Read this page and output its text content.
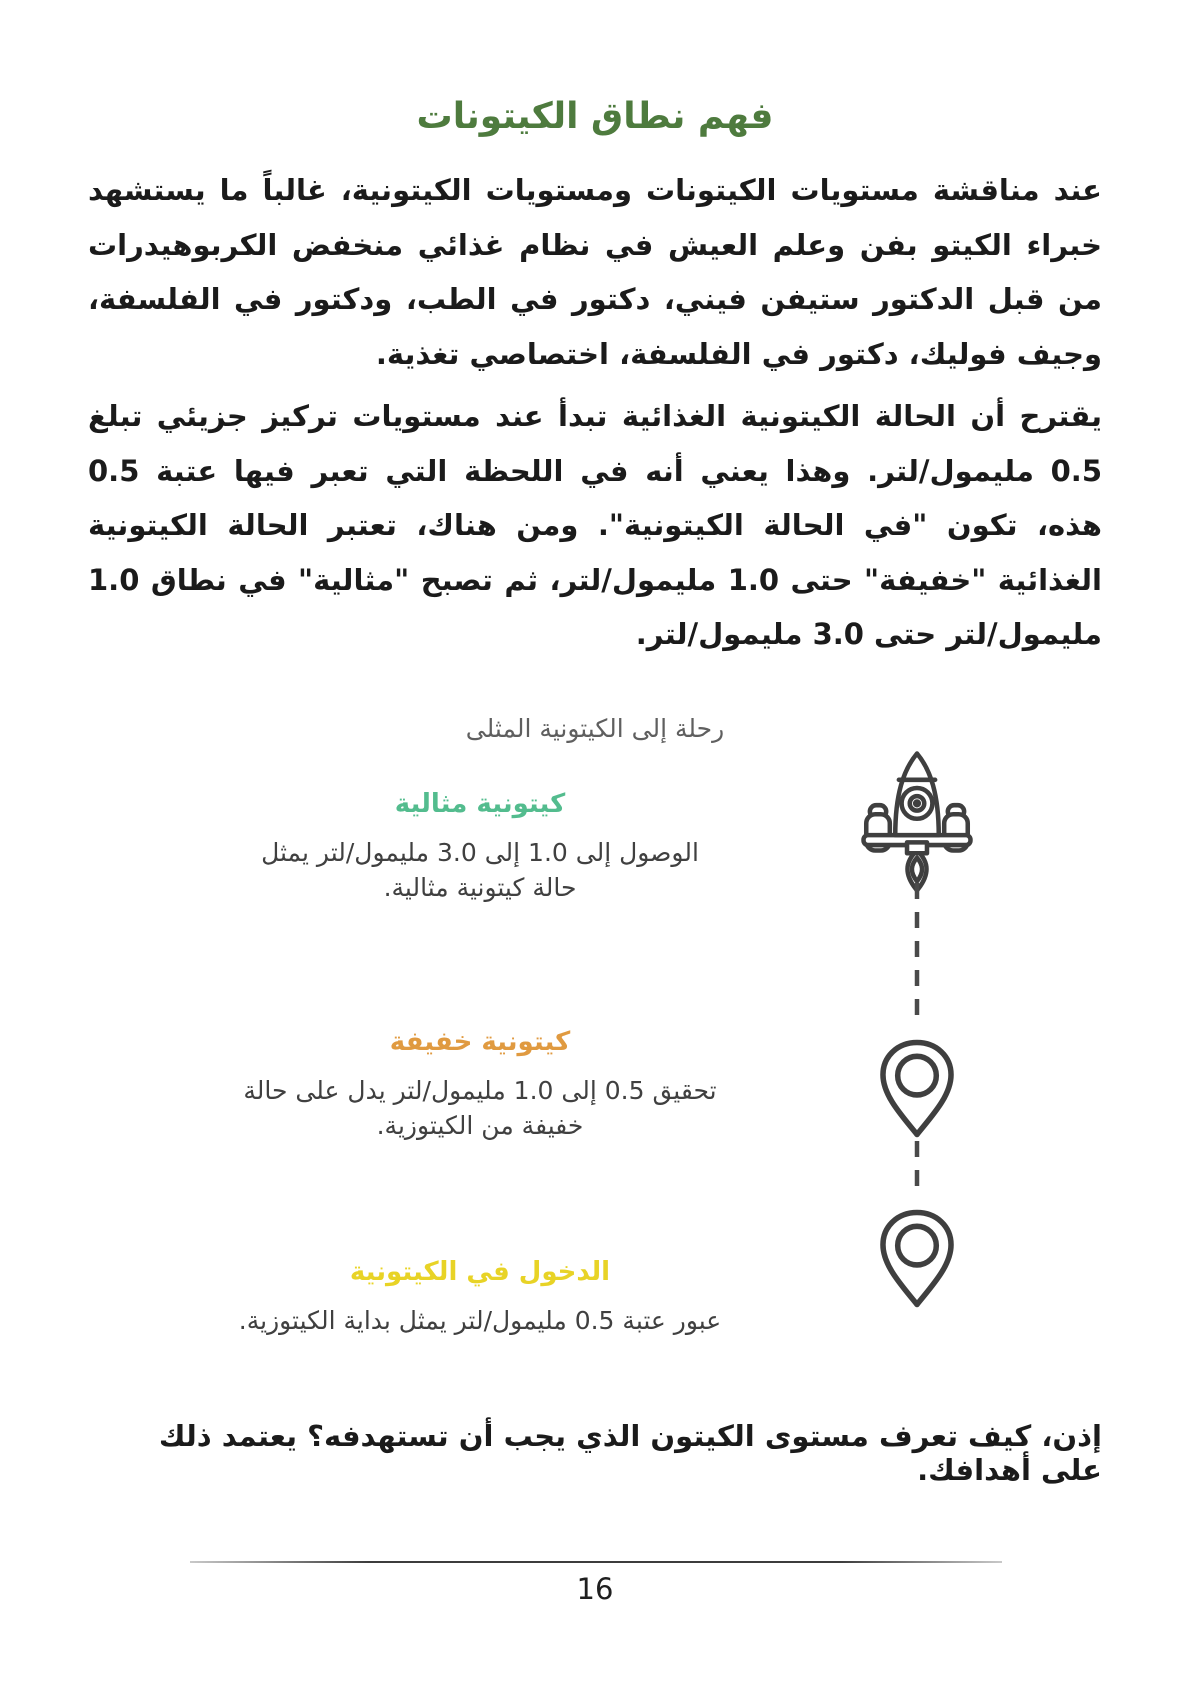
فهم نطاق الكيتونات

عند مناقشة مستويات الكيتونات ومستويات الكيتونية، غالباً ما يستشهد خبراء الكيتو بفن وعلم العيش في نظام غذائي منخفض الكربوهيدرات من قبل الدكتور ستيفن فيني، دكتور في الطب، ودكتور في الفلسفة، وجيف فوليك، دكتور في الفلسفة، اختصاصي تغذية.

يقترح أن الحالة الكيتونية الغذائية تبدأ عند مستويات تركيز جزيئي تبلغ 0.5 مليمول/لتر. وهذا يعني أنه في اللحظة التي تعبر فيها عتبة 0.5 هذه، تكون "في الحالة الكيتونية". ومن هناك، تعتبر الحالة الكيتونية الغذائية "خفيفة" حتى 1.0 مليمول/لتر، ثم تصبح "مثالية" في نطاق 1.0 مليمول/لتر حتى 3.0 مليمول/لتر.

رحلة إلى الكيتونية المثلى
كيتونية مثالية
الوصول إلى 1.0 إلى 3.0 مليمول/لتر يمثل حالة كيتونية مثالية.
كيتونية خفيفة
تحقيق 0.5 إلى 1.0 مليمول/لتر يدل على حالة خفيفة من الكيتوزية.
الدخول في الكيتونية
عبور عتبة 0.5 مليمول/لتر يمثل بداية الكيتوزية.

إذن، كيف تعرف مستوى الكيتون الذي يجب أن تستهدفه؟ يعتمد ذلك على أهدافك.

16
